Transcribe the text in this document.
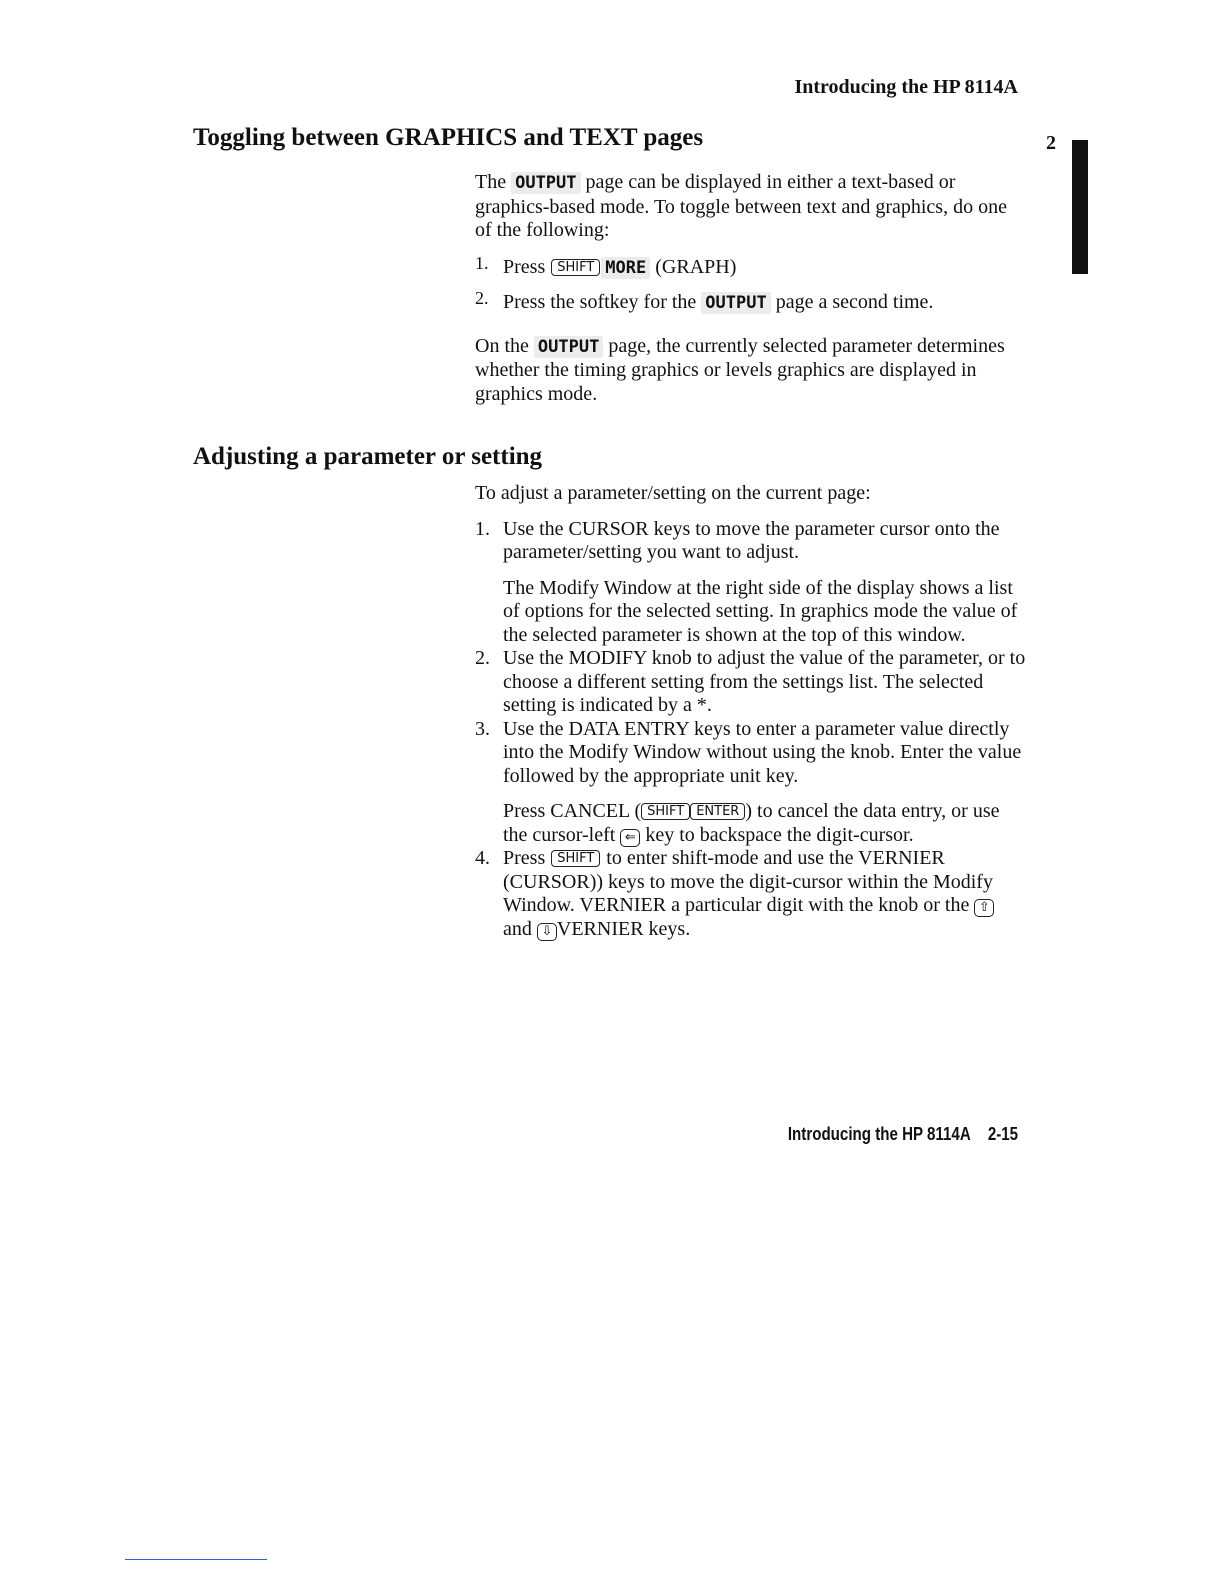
Introducing the HP 8114A
2
Toggling between GRAPHICS and TEXT pages

The OUTPUT page can be displayed in either a text-based or graphics-based mode. To toggle between text and graphics, do one of the following:

1. Press SHIFT MORE (GRAPH)
2. Press the softkey for the OUTPUT page a second time.

On the OUTPUT page, the currently selected parameter determines whether the timing graphics or levels graphics are displayed in graphics mode.

Adjusting a parameter or setting

To adjust a parameter/setting on the current page:

1. Use the CURSOR keys to move the parameter cursor onto the parameter/setting you want to adjust.

The Modify Window at the right side of the display shows a list of options for the selected setting. In graphics mode the value of the selected parameter is shown at the top of this window.

2. Use the MODIFY knob to adjust the value of the parameter, or to choose a different setting from the settings list. The selected setting is indicated by a *.
3. Use the DATA ENTRY keys to enter a parameter value directly into the Modify Window without using the knob. Enter the value followed by the appropriate unit key.

Press CANCEL ( SHIFT ENTER ) to cancel the data entry, or use the cursor-left ⇐ key to backspace the digit-cursor.

4. Press SHIFT to enter shift-mode and use the VERNIER (CURSOR)) keys to move the digit-cursor within the Modify Window. VERNIER a particular digit with the knob or the ⇧ and ⇩ VERNIER keys.
Introducing the HP 8114A 2-15
